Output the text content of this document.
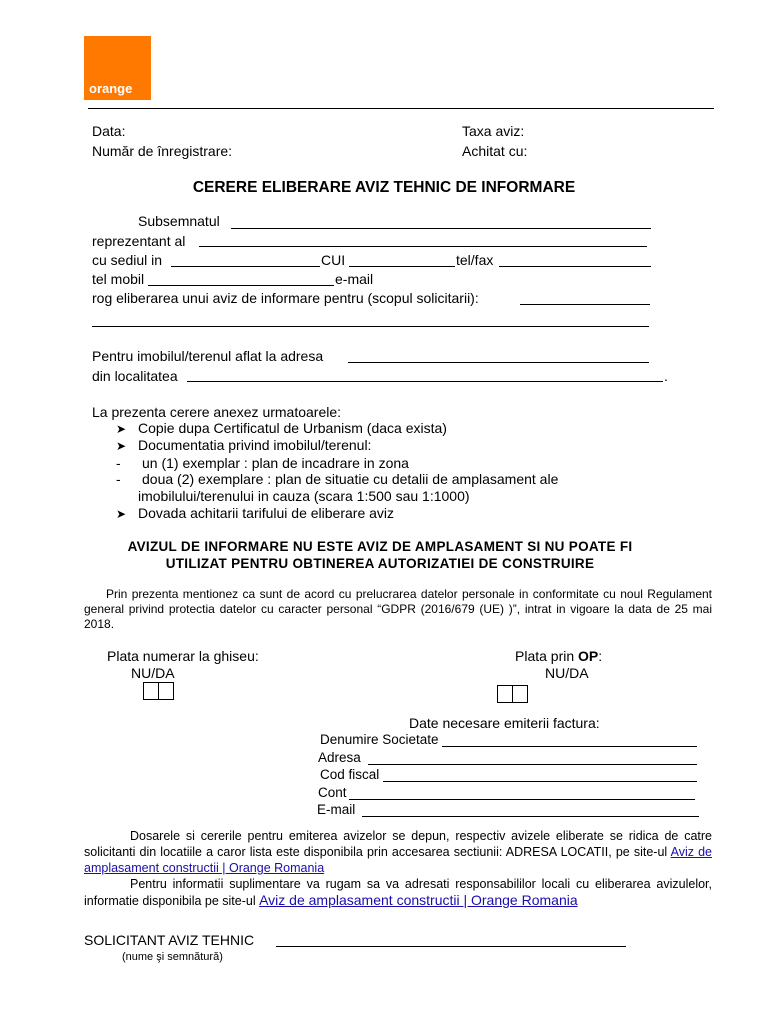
orange
Data:
Număr de înregistrare:
Taxa aviz:
Achitat cu:
CERERE ELIBERARE AVIZ TEHNIC DE INFORMARE
Subsemnatul
reprezentant al
cu sediul in	CUI	tel/fax
tel mobil	e-mail
rog eliberarea unui aviz de informare pentru (scopul solicitarii):
Pentru imobilul/terenul aflat la adresa
din localitatea	.
La prezenta cerere anexez urmatoarele:
➤ Copie dupa Certificatul de Urbanism (daca exista)
➤ Documentatia privind imobilul/terenul:
- un (1) exemplar : plan de incadrare in zona
- doua (2) exemplare : plan de situatie cu detalii de amplasament ale
imobilului/terenului in cauza (scara 1:500 sau 1:1000)
➤ Dovada achitarii tarifului de eliberare aviz
AVIZUL DE INFORMARE NU ESTE AVIZ DE AMPLASAMENT SI NU POATE FI
UTILIZAT PENTRU OBTINEREA AUTORIZATIEI DE CONSTRUIRE
Prin prezenta mentionez ca sunt de acord cu prelucrarea datelor personale in conformitate cu noul Regulament general privind protectia datelor cu caracter personal “GDPR (2016/679 (UE) )”, intrat in vigoare la data de 25 mai 2018.
Plata numerar la ghiseu:
NU/DA
Plata prin OP:
NU/DA
Date necesare emiterii factura:
Denumire Societate
Adresa
Cod fiscal
Cont
E-mail
Dosarele si cererile pentru emiterea avizelor se depun, respectiv avizele eliberate se ridica de catre solicitanti din locatiile a caror lista este disponibila prin accesarea sectiunii: ADRESA LOCATII, pe site-ul Aviz de amplasament constructii | Orange Romania
Pentru informatii suplimentare va rugam sa va adresati responsabililor locali cu eliberarea avizulelor, informatie disponibila pe site-ul Aviz de amplasament constructii | Orange Romania
SOLICITANT AVIZ TEHNIC
(nume şi semnătură)
